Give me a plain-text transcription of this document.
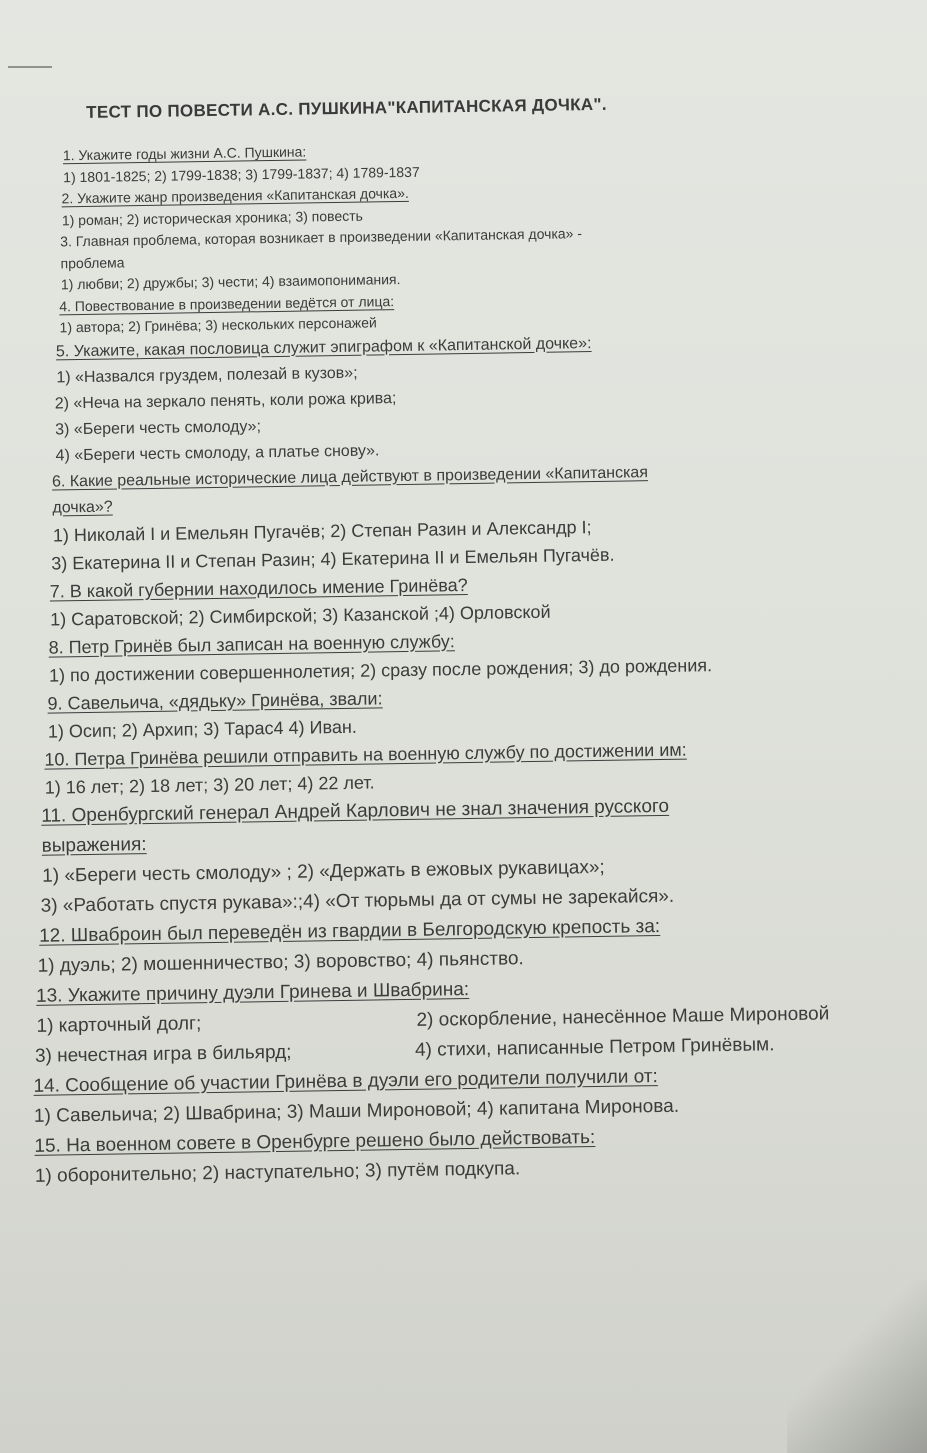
ТЕСТ ПО ПОВЕСТИ А.С. ПУШКИНА"КАПИТАНСКАЯ ДОЧКА".
1. Укажите годы жизни А.С. Пушкина:
1) 1801-1825; 2) 1799-1838; 3) 1799-1837; 4) 1789-1837
2. Укажите жанр произведения «Капитанская дочка».
1) роман; 2) историческая хроника; 3) повесть
3. Главная проблема, которая возникает в произведении «Капитанская дочка» -
проблема
1) любви; 2) дружбы; 3) чести; 4) взаимопонимания.
4. Повествование в произведении ведётся от лица:
1) автора; 2) Гринёва; 3) нескольких персонажей
5. Укажите, какая пословица служит эпиграфом к «Капитанской дочке»:
1) «Назвался груздем, полезай в кузов»;
2) «Неча на зеркало пенять, коли рожа крива;
3) «Береги честь смолоду»;
4) «Береги честь смолоду, а платье снову».
6. Какие реальные исторические лица действуют в произведении «Капитанская
дочка»?
1) Николай I и Емельян Пугачёв; 2) Степан Разин и Александр I;
3) Екатерина II и Степан Разин; 4) Екатерина II и Емельян Пугачёв.
7. В какой губернии находилось имение Гринёва?
1) Саратовской; 2) Симбирской; 3) Казанской ;4) Орловской
8. Петр Гринёв был записан на военную службу:
1) по достижении совершеннолетия; 2) сразу после рождения; 3) до рождения.
9. Савельича, «дядьку» Гринёва, звали:
1) Осип; 2) Архип; 3) Тарас4 4) Иван.
10. Петра Гринёва решили отправить на военную службу по достижении им:
1) 16 лет; 2) 18 лет; 3) 20 лет; 4) 22 лет.
11. Оренбургский генерал Андрей Карлович не знал значения русского
выражения:
1) «Береги честь смолоду» ; 2) «Держать в ежовых рукавицах»;
3) «Работать спустя рукава»:;4) «От тюрьмы да от сумы не зарекайся».
12. Шваброин был переведён из гвардии в Белгородскую крепость за:
1) дуэль; 2) мошенничество; 3) воровство; 4) пьянство.
13. Укажите причину дуэли Гринева и Швабрина:
1) карточный долг;	2) оскорбление, нанесённое Маше Мироновой
3) нечестная игра в бильярд;	4) стихи, написанные Петром Гринёвым.
14. Сообщение об участии Гринёва в дуэли его родители получили от:
1) Савельича; 2) Швабрина; 3) Маши Мироновой; 4) капитана Миронова.
15. На военном совете в Оренбурге решено было действовать:
1) оборонительно; 2) наступательно; 3) путём подкупа.
